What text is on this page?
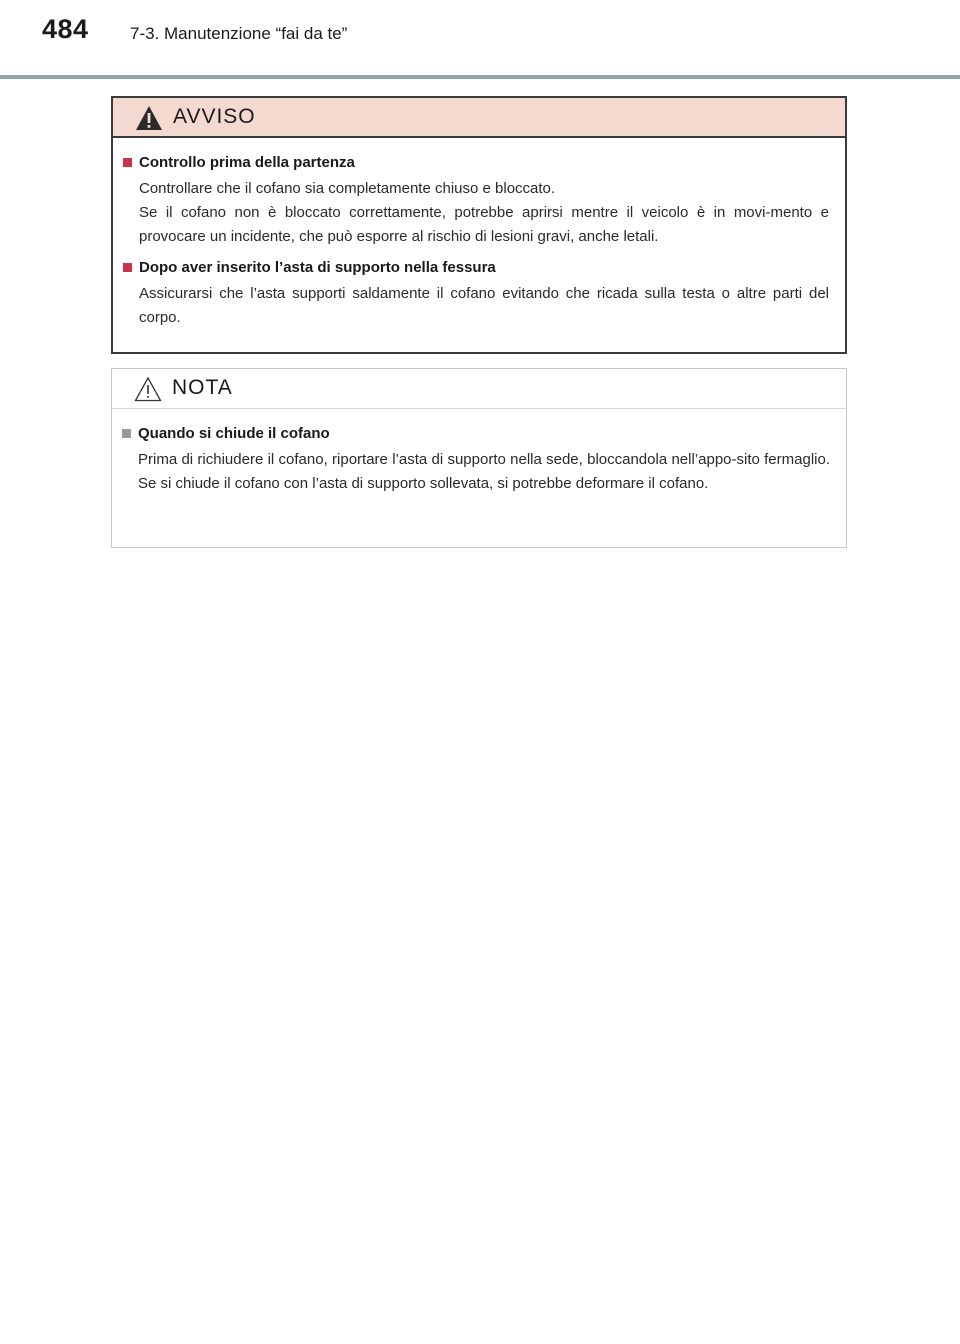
484 7-3. Manutenzione “fai da te”
AVVISO
Controllo prima della partenza

Controllare che il cofano sia completamente chiuso e bloccato.

Se il cofano non è bloccato correttamente, potrebbe aprirsi mentre il veicolo è in movi-mento e provocare un incidente, che può esporre al rischio di lesioni gravi, anche letali.

Dopo aver inserito l’asta di supporto nella fessura

Assicurarsi che l’asta supporti saldamente il cofano evitando che ricada sulla testa o altre parti del corpo.

NOTA
Quando si chiude il cofano

Prima di richiudere il cofano, riportare l’asta di supporto nella sede, bloccandola nell’appo-sito fermaglio. Se si chiude il cofano con l’asta di supporto sollevata, si potrebbe deformare il cofano.
